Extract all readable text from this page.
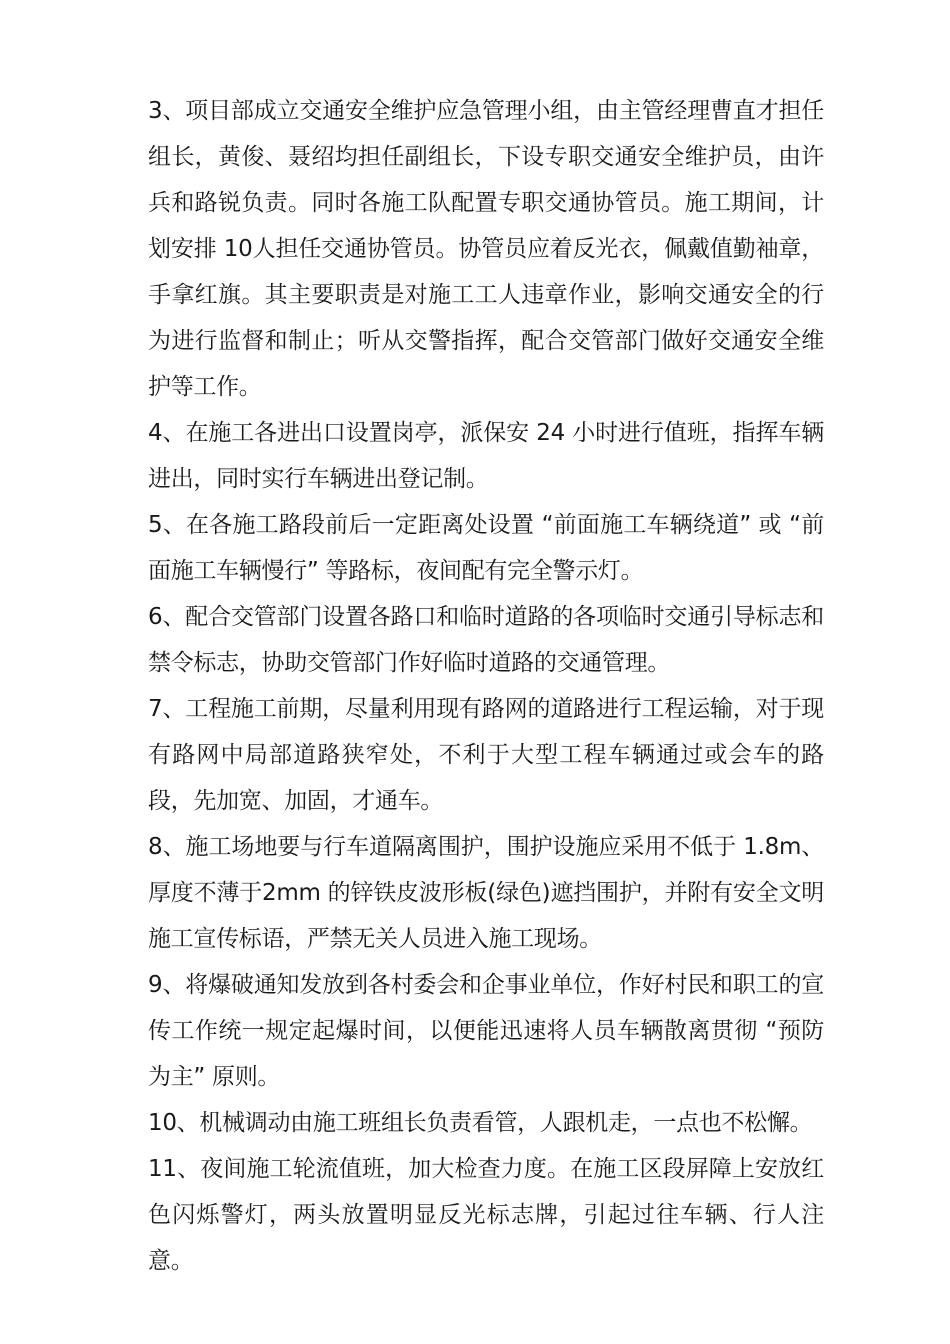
3、项目部成立交通安全维护应急管理小组，由主管经理曹直才担任组长，黄俊、聂绍均担任副组长，下设专职交通安全维护员，由许兵和路锐负责。同时各施工队配置专职交通协管员。施工期间，计划安排 10人担任交通协管员。协管员应着反光衣，佩戴值勤袖章，手拿红旗。其主要职责是对施工工人违章作业，影响交通安全的行为进行监督和制止；听从交警指挥，配合交管部门做好交通安全维护等工作。

4、在施工各进出口设置岗亭，派保安 24 小时进行值班，指挥车辆进出，同时实行车辆进出登记制。

5、在各施工路段前后一定距离处设置 “前面施工车辆绕道” 或 “前面施工车辆慢行” 等路标，夜间配有完全警示灯。

6、配合交管部门设置各路口和临时道路的各项临时交通引导标志和禁令标志，协助交管部门作好临时道路的交通管理。

7、工程施工前期，尽量利用现有路网的道路进行工程运输，对于现有路网中局部道路狭窄处，不利于大型工程车辆通过或会车的路段，先加宽、加固，才通车。

8、施工场地要与行车道隔离围护，围护设施应采用不低于 1.8m、厚度不薄于2mm 的锌铁皮波形板(绿色)遮挡围护，并附有安全文明施工宣传标语，严禁无关人员进入施工现场。

9、将爆破通知发放到各村委会和企事业单位，作好村民和职工的宣传工作统一规定起爆时间，以便能迅速将人员车辆散离贯彻 “预防为主” 原则。

10、机械调动由施工班组长负责看管，人跟机走，一点也不松懈。

11、夜间施工轮流值班，加大检查力度。在施工区段屏障上安放红色闪烁警灯，两头放置明显反光标志牌，引起过往车辆、行人注意。
